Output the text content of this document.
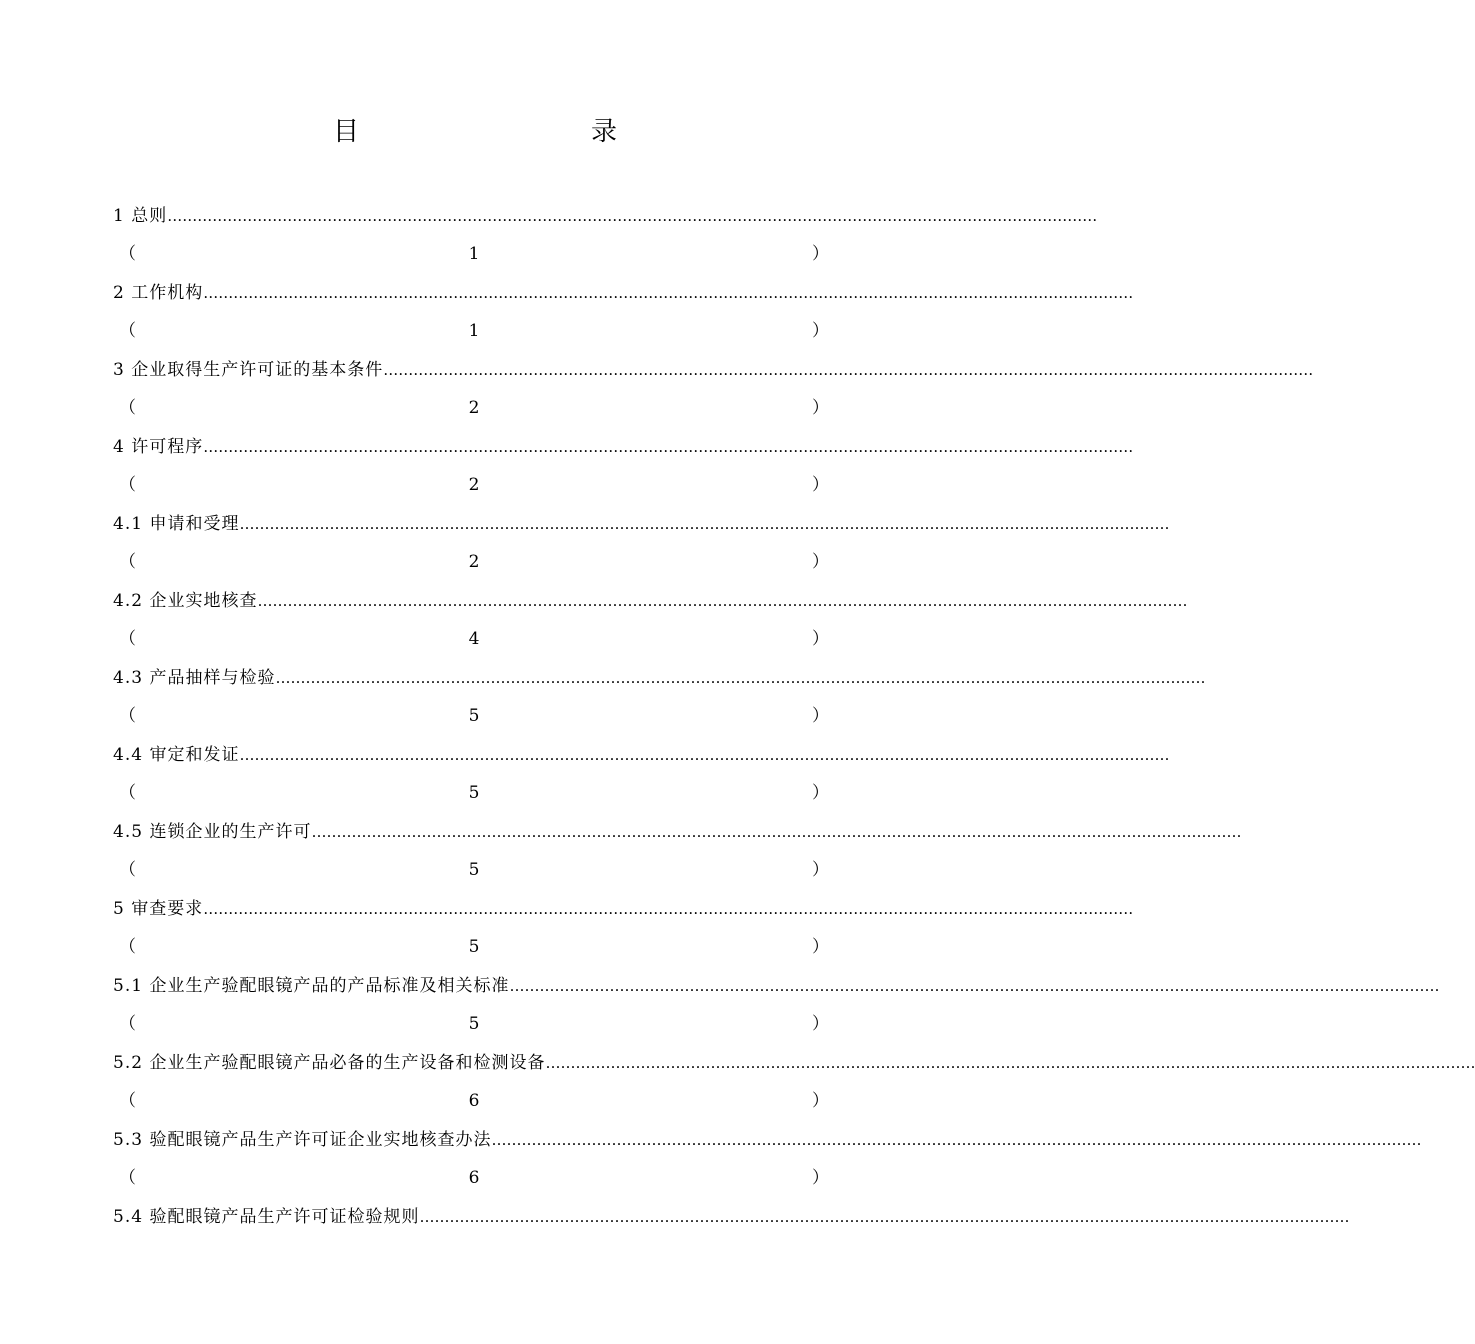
目　　录
1 总则 ……………………………………………………………………………………………………………………………………………………………………
（	1	）
2 工作机构 ……………………………………………………………………………………………………………………………………………………………………
（	1	）
3 企业取得生产许可证的基本条件 ……………………………………………………………………………………………………………………………………………………………………
（	2	）
4 许可程序 ……………………………………………………………………………………………………………………………………………………………………
（	2	）
4.1 申请和受理 ……………………………………………………………………………………………………………………………………………………………………
（	2	）
4.2 企业实地核查 ……………………………………………………………………………………………………………………………………………………………………
（	4	）
4.3 产品抽样与检验 ……………………………………………………………………………………………………………………………………………………………………
（	5	）
4.4 审定和发证 ……………………………………………………………………………………………………………………………………………………………………
（	5	）
4.5 连锁企业的生产许可 ……………………………………………………………………………………………………………………………………………………………………
（	5	）
5 审查要求 ……………………………………………………………………………………………………………………………………………………………………
（	5	）
5.1 企业生产验配眼镜产品的产品标准及相关标准 ……………………………………………………………………………………………………………………………………………………………………
（	5	）
5.2 企业生产验配眼镜产品必备的生产设备和检测设备 ……………………………………………………………………………………………………………………………………………………………………
（	6	）
5.3 验配眼镜产品生产许可证企业实地核查办法 ……………………………………………………………………………………………………………………………………………………………………
（	6	）
5.4 验配眼镜产品生产许可证检验规则 ……………………………………………………………………………………………………………………………………………………………………
